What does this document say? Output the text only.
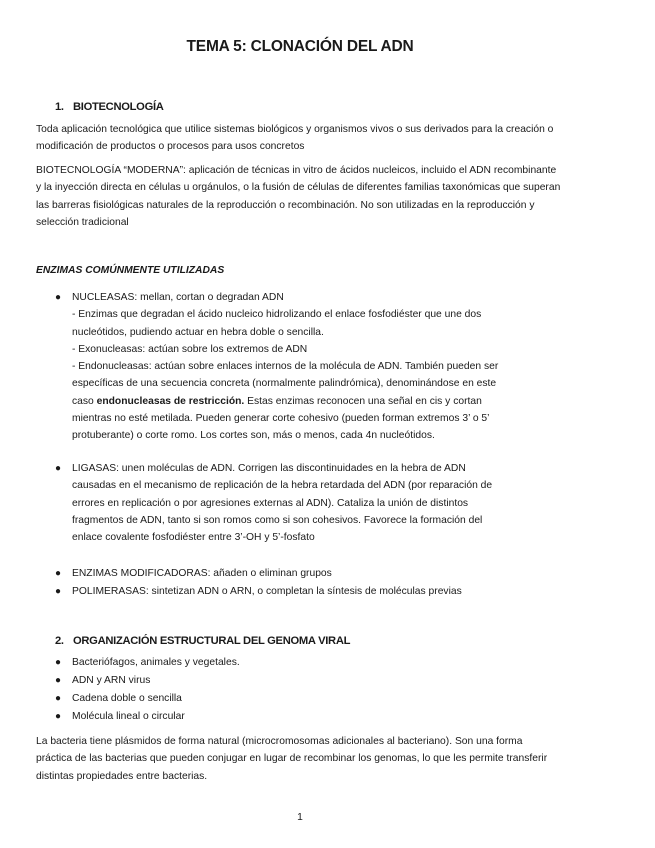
TEMA 5: CLONACIÓN DEL ADN
1. BIOTECNOLOGÍA

Toda aplicación tecnológica que utilice sistemas biológicos y organismos vivos o sus derivados para la creación o modificación de productos o procesos para usos concretos

BIOTECNOLOGÍA “MODERNA”: aplicación de técnicas in vitro de ácidos nucleicos, incluido el ADN recombinante y la inyección directa en células u orgánulos, o la fusión de células de diferentes familias taxonómicas que superan las barreras fisiológicas naturales de la reproducción o recombinación. No son utilizadas en la reproducción y selección tradicional

ENZIMAS COMÚNMENTE UTILIZADAS
●	NUCLEASAS: mellan, cortan o degradan ADN
- Enzimas que degradan el ácido nucleico hidrolizando el enlace fosfodiéster que une dos
nucleótidos, pudiendo actuar en hebra doble o sencilla.
- Exonucleasas: actúan sobre los extremos de ADN
- Endonucleasas: actúan sobre enlaces internos de la molécula de ADN. También pueden ser
específicas de una secuencia concreta (normalmente palindrómica), denominándose en este
caso endonucleasas de restricción. Estas enzimas reconocen una señal en cis y cortan
mientras no esté metilada. Pueden generar corte cohesivo (pueden forman extremos 3’ o 5’
protuberante) o corte romo. Los cortes son, más o menos, cada 4n nucleótidos.
●	LIGASAS: unen moléculas de ADN. Corrigen las discontinuidades en la hebra de ADN
causadas en el mecanismo de replicación de la hebra retardada del ADN (por reparación de
errores en replicación o por agresiones externas al ADN). Cataliza la unión de distintos
fragmentos de ADN, tanto si son romos como si son cohesivos. Favorece la formación del
enlace covalente fosfodiéster entre 3’-OH y 5’-fosfato
●	ENZIMAS MODIFICADORAS: añaden o eliminan grupos
●	POLIMERASAS: sintetizan ADN o ARN, o completan la síntesis de moléculas previas
2. ORGANIZACIÓN ESTRUCTURAL DEL GENOMA VIRAL
●	Bacteriófagos, animales y vegetales.
●	ADN y ARN virus
●	Cadena doble o sencilla
●	Molécula lineal o circular

La bacteria tiene plásmidos de forma natural (microcromosomas adicionales al bacteriano). Son una forma práctica de las bacterias que pueden conjugar en lugar de recombinar los genomas, lo que les permite transferir distintas propiedades entre bacterias.

1
